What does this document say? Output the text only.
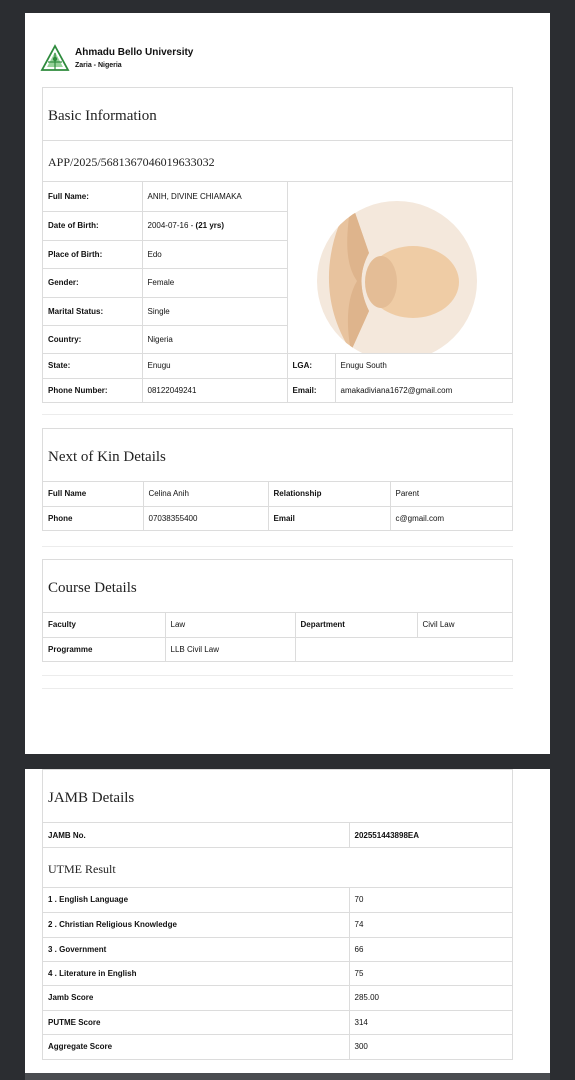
Ahmadu Bello University
Zaria - Nigeria
Basic Information
APP/2025/5681367046019633032
Full Name:	ANIH, DIVINE CHIAMAKA	

Date of Birth:	2004-07-16 - (21 yrs)		
Place of Birth:	Edo		
Gender:	Female		
Marital Status:	Single		
Country:	Nigeria		
State:	Enugu	LGA:	Enugu South
Phone Number:	08122049241	Email:	amakadiviana1672@gmail.com
Next of Kin Details
Full Name	Celina Anih	Relationship	Parent
Phone	07038355400	Email	c@gmail.com
Course Details
Faculty	Law	Department	Civil Law
Programme	LLB Civil Law		
JAMB Details
JAMB No.	202551443898EA
UTME Result
1 . English Language	70
2 . Christian Religious Knowledge	74
3 . Government	66
4 . Literature in English	75
Jamb Score	285.00
PUTME Score	314
Aggregate Score	300
